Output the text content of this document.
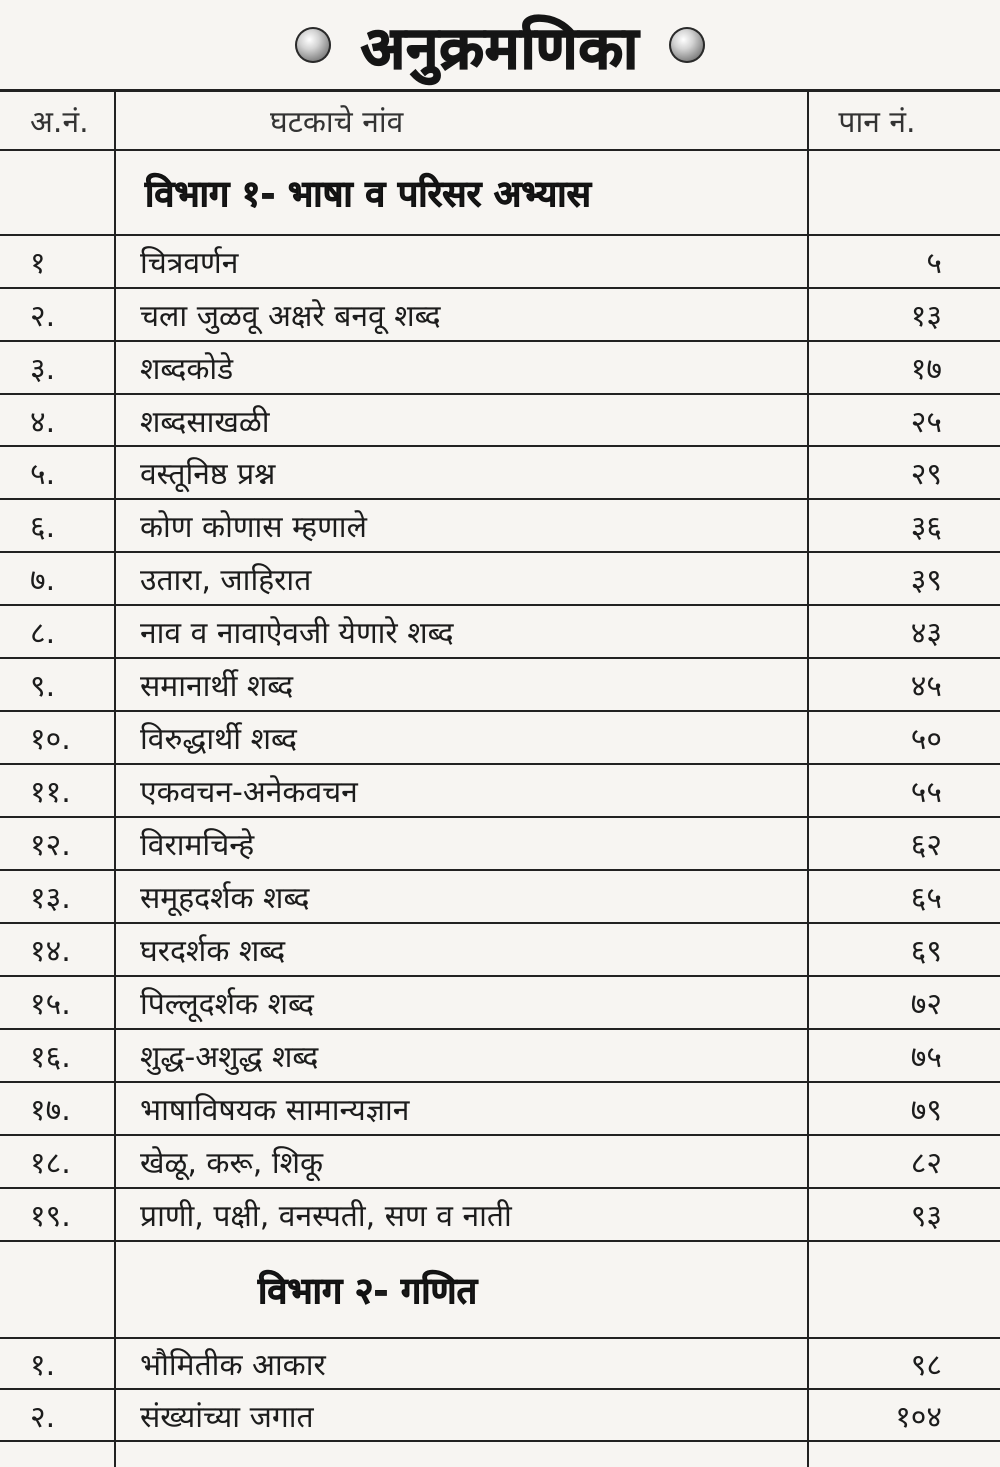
अनुक्रमणिका
अ.नं.	घटकाचे नांव	पान नं.
विभाग १- भाषा व परिसर अभ्यास
१	चित्रवर्णन	५
२.	चला जुळवू अक्षरे बनवू शब्द	१३
३.	शब्दकोडे	१७
४.	शब्दसाखळी	२५
५.	वस्तूनिष्ठ प्रश्न	२९
६.	कोण कोणास म्हणाले	३६
७.	उतारा, जाहिरात	३९
८.	नाव व नावाऐवजी येणारे शब्द	४३
९.	समानार्थी शब्द	४५
१०.	विरुद्धार्थी शब्द	५०
११.	एकवचन-अनेकवचन	५५
१२.	विरामचिन्हे	६२
१३.	समूहदर्शक शब्द	६५
१४.	घरदर्शक शब्द	६९
१५.	पिल्लूदर्शक शब्द	७२
१६.	शुद्ध-अशुद्ध शब्द	७५
१७.	भाषाविषयक सामान्यज्ञान	७९
१८.	खेळू, करू, शिकू	८२
१९.	प्राणी, पक्षी, वनस्पती, सण व नाती	९३
विभाग २- गणित
१.	भौमितीक आकार	९८
२.	संख्यांच्या जगात	१०४
